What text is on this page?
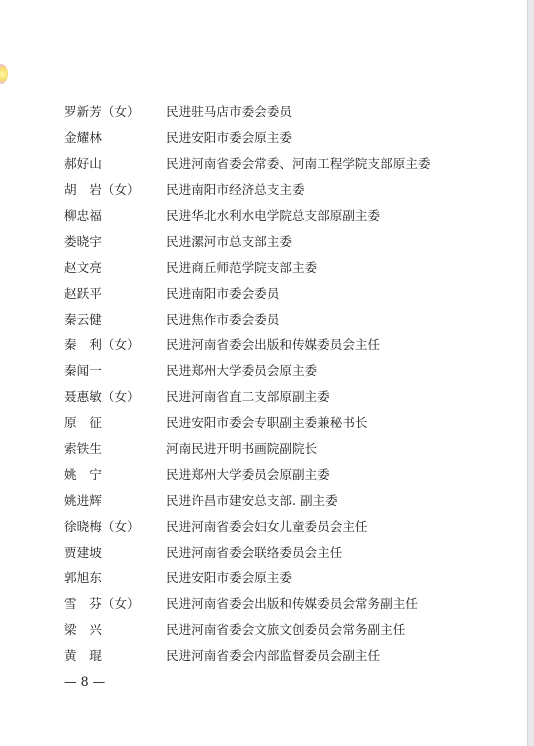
罗新芳（女）	民进驻马店市委会委员
金耀林	民进安阳市委会原主委
郝好山	民进河南省委会常委、河南工程学院支部原主委
胡　岩（女）	民进南阳市经济总支主委
柳忠福	民进华北水利水电学院总支部原副主委
娄晓宇	民进漯河市总支部主委
赵文亮	民进商丘师范学院支部主委
赵跃平	民进南阳市委会委员
秦云健	民进焦作市委会委员
秦　利（女）	民进河南省委会出版和传媒委员会主任
秦闻一	民进郑州大学委员会原主委
聂惠敏（女）	民进河南省直二支部原副主委
原　征	民进安阳市委会专职副主委兼秘书长
索铁生	河南民进开明书画院副院长
姚　宁	民进郑州大学委员会原副主委
姚进辉	民进许昌市建安总支部. 副主委
徐晓梅（女）	民进河南省委会妇女儿童委员会主任
贾建坡	民进河南省委会联络委员会主任
郭旭东	民进安阳市委会原主委
雪　芬（女）	民进河南省委会出版和传媒委员会常务副主任
梁　兴	民进河南省委会文旅文创委员会常务副主任
黄　琨	民进河南省委会内部监督委员会副主任
— 8 —
